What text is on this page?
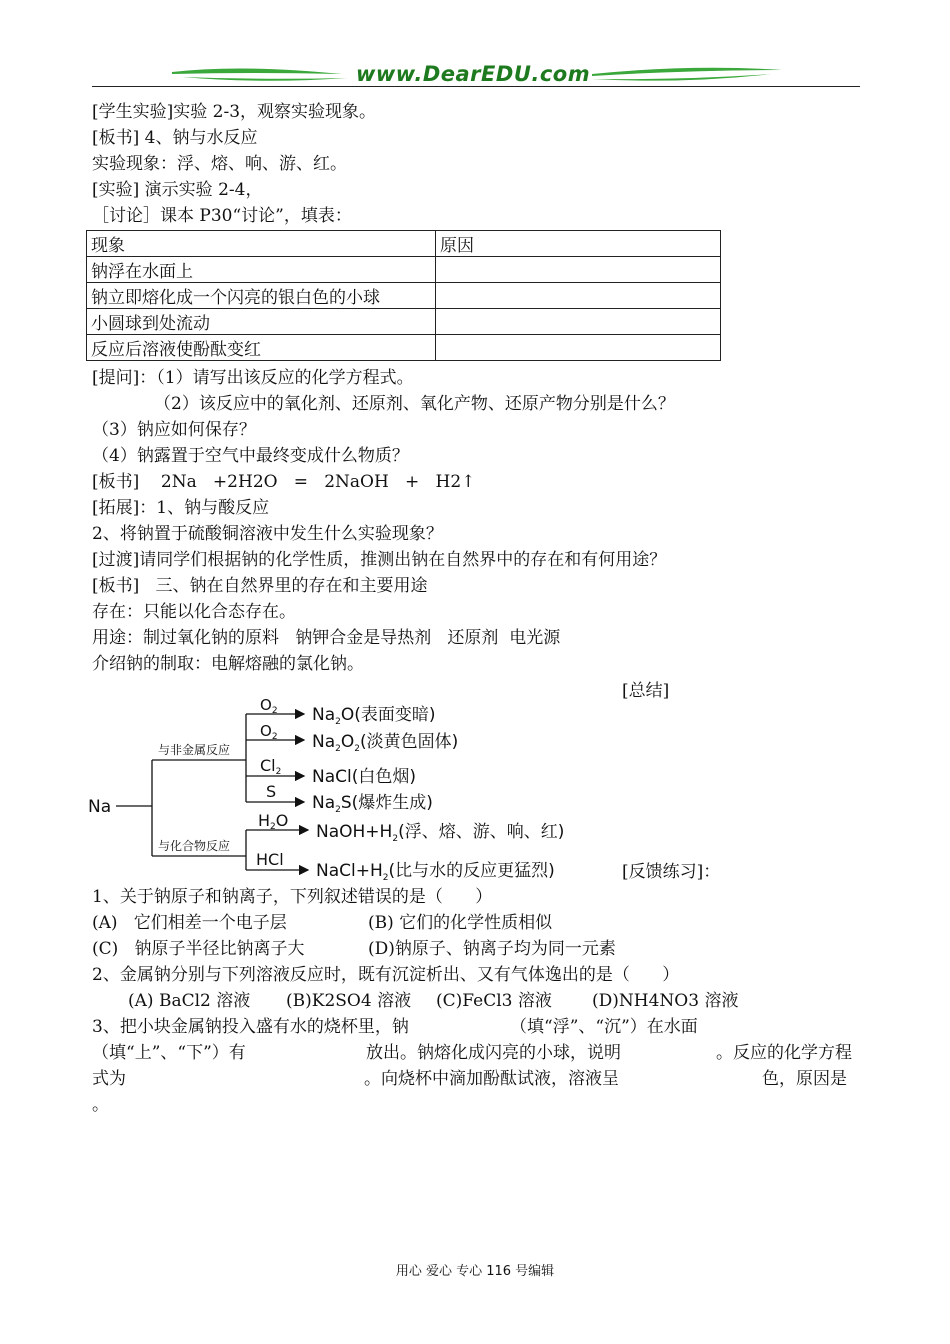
www.DearEDU.com
[学生实验]实验 2-3，观察实验现象。
[板书] 4、钠与水反应
实验现象：浮、熔、响、游、红。
[实验] 演示实验 2-4，
［讨论］课本 P30“讨论”，填表：
现象	原因
钠浮在水面上	
钠立即熔化成一个闪亮的银白色的小球	
小圆球到处流动	
反应后溶液使酚酞变红	
[提问]：（1）请写出该反应的化学方程式。
（2）该反应中的氧化剂、还原剂、氧化产物、还原产物分别是什么？
（3）钠应如何保存？
（4）钠露置于空气中最终变成什么物质？
[板书] 2Na   +2H2O   =   2NaOH   +   H2↑
[拓展]：1、钠与酸反应
2、将钠置于硫酸铜溶液中发生什么实验现象？
[过渡]请同学们根据钠的化学性质，推测出钠在自然界中的存在和有何用途？
[板书]   三、钠在自然界里的存在和主要用途
存在：只能以化合态存在。
用途：制过氧化钠的原料   钠钾合金是导热剂   还原剂  电光源
介绍钠的制取：电解熔融的氯化钠。
[总结]
Na
与非金属反应
与化合物反应
$O_2$
$O_2$
Cl2
S
H2O
HCl
$Na_2O$(表面变暗)
$Na_2O_2$(淡黄色固体)
NaCl(白色烟)
$Na_2S$(爆炸生成)
$NaOH+H_2$(浮、熔、游、响、红)
$NaCl+H_2$(比与水的反应更猛烈)	[反馈练习]：
1、关于钠原子和钠离子，下列叙述错误的是（      ）
(A)   它们相差一个电子层	(B) 它们的化学性质相似
(C)   钠原子半径比钠离子大	(D)钠原子、钠离子均为同一元素
2、金属钠分别与下列溶液反应时，既有沉淀析出、又有气体逸出的是（      ）
(A) BaCl2 溶液 (B)K2SO4 溶液 (C)FeCl3 溶液 (D)NH4NO3 溶液
3、把小块金属钠投入盛有水的烧杯里，钠	（填“浮”、“沉”）在水面
（填“上”、“下”）有	放出。钠熔化成闪亮的小球，说明	。反应的化学方程
式为	。向烧杯中滴加酚酞试液，溶液呈	色，原因是
。
用心 爱心 专心 116 号编辑
